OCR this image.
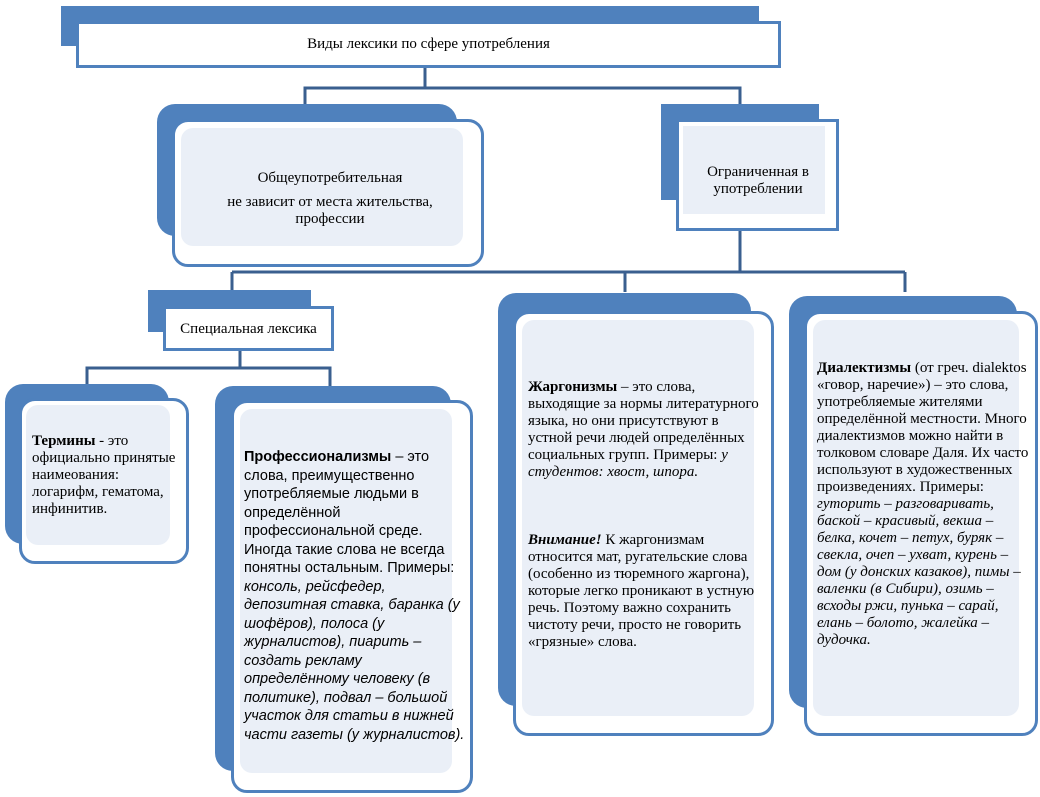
Виды лексики по сфере употребления
Общеупотребительная
не зависит от места жительства, профессии
Ограниченная в употреблении
Специальная лексика
Термины - это официально принятые наимеования: логарифм, гематома, инфинитив.
Профессионализмы – это слова, преимущественно употребляемые людьми в определённой профессиональной среде. Иногда такие слова не всегда понятны остальным. Примеры: консоль, рейсфедер, депозитная ставка, баранка (у шофёров), полоса (у журналистов), пиарить – создать рекламу определённому человеку (в политике), подвал – большой участок для статьи в нижней части газеты (у журналистов).
Жаргонизмы – это слова, выходящие за нормы литературного языка, но они присутствуют в устной речи людей определённых социальных групп. Примеры: у студентов: хвост, шпора.
Внимание! К жаргонизмам относится мат, ругательские слова (особенно из тюремного жаргона), которые легко проникают в устную речь. Поэтому важно сохранить чистоту речи, просто не говорить «грязные» слова.
Диалектизмы (от греч. dialektos «говор, наречие») – это слова, употребляемые жителями определённой местности. Много диалектизмов можно найти в толковом словаре Даля. Их часто используют в художественных произведениях. Примеры: гуторить – разговаривать, баской – красивый, векша – белка, кочет – петух, буряк – свекла, очеп – ухват, курень – дом (у донских казаков), пимы – валенки (в Сибири), озимь – всходы ржи, пунька – сарай, елань – болото, жалейка – дудочка.
